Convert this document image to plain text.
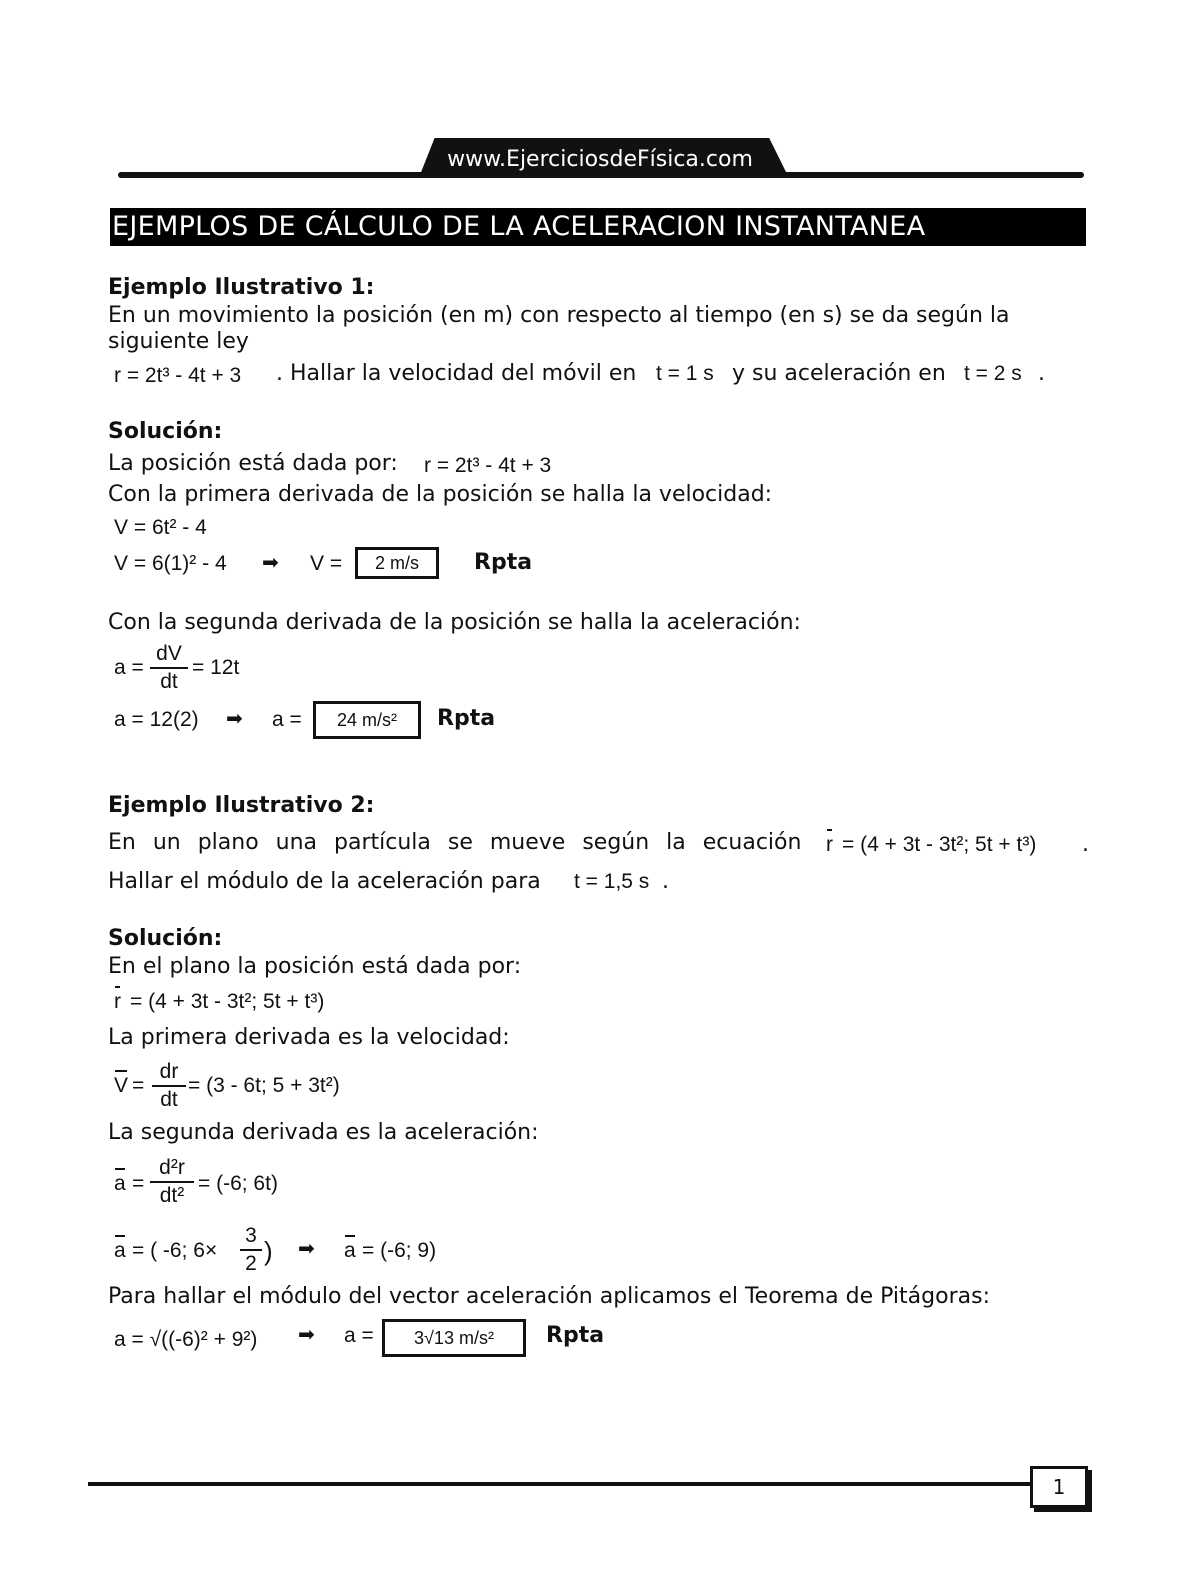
www.EjerciciosdeFísica.com
EJEMPLOS DE CÁLCULO DE LA ACELERACION INSTANTANEA
Ejemplo Ilustrativo 1:
En un movimiento la posición (en m) con respecto al tiempo (en s) se da según la
siguiente ley
r = 2t³ - 4t + 3 . Hallar la velocidad del móvil en t = 1 s y su aceleración en t = 2 s .
Solución:
La posición está dada por: r = 2t³ - 4t + 3
Con la primera derivada de la posición se halla la velocidad:
V = 6t² - 4
V = 6(1)² - 4 ➡ V =	2 m/s	Rpta
Con la segunda derivada de la posición se halla la aceleración:
$a = \frac{dV}{dt} = 12t$
a = 12(2) ➡ a =	24 m/s²	Rpta
Ejemplo Ilustrativo 2:
En un plano una partícula se mueve según la ecuación r = (4 + 3t - 3t²; 5t + t³) .
Hallar el módulo de la aceleración para t = 1,5 s .
Solución:
En el plano la posición está dada por:
r = (4 + 3t - 3t²; 5t + t³)
La primera derivada es la velocidad:
$V = \frac{dr}{dt} = (3 - 6t$; 5 + 3t²)
La segunda derivada es la aceleración:
$a = \frac{\text{d²r}}{\text{dt²}} = (-6$; 6t)
a = ( -6; $6\times \frac{3}{2}$ ) ➡ a = (-6; 9)
Para hallar el módulo del vector aceleración aplicamos el Teorema de Pitágoras:
a = √((-6)² + 9²) ➡ a =	3√13 m/s²	Rpta
1
